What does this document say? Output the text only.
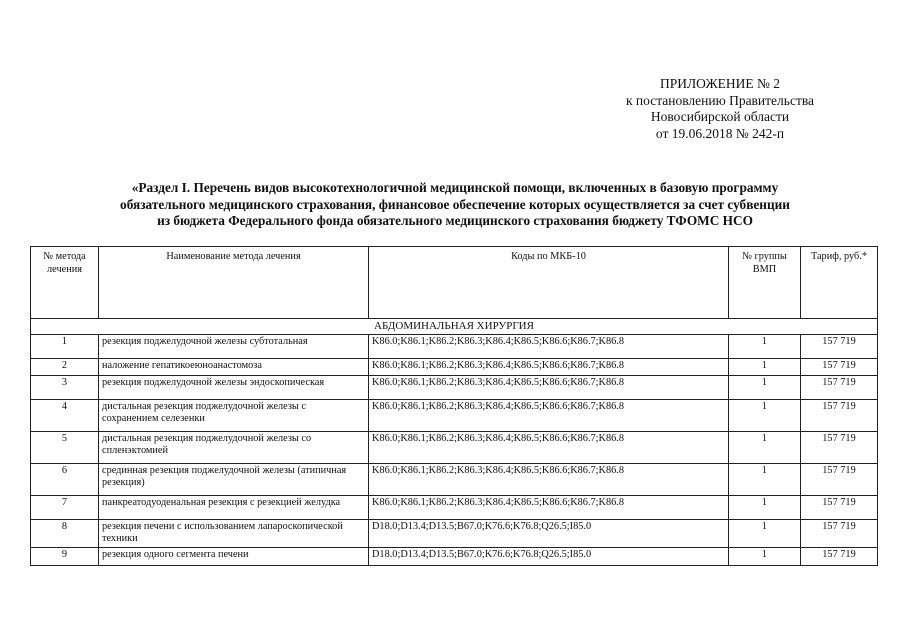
ПРИЛОЖЕНИЕ № 2
к постановлению Правительства
Новосибирской области
от 19.06.2018 № 242-п
«Раздел I. Перечень видов высокотехнологичной медицинской помощи, включенных в базовую программу
обязательного медицинского страхования, финансовое обеспечение которых осуществляется за счет субвенции
из бюджета Федерального фонда обязательного медицинского страхования бюджету ТФОМС НСО
№ метода лечения	Наименование метода лечения	Коды по МКБ-10	№ группы ВМП	Тариф, руб.*
АБДОМИНАЛЬНАЯ ХИРУРГИЯ				
1	резекция поджелудочной железы субтотальная	K86.0;K86.1;K86.2;K86.3;K86.4;K86.5;K86.6;K86.7;K86.8	1	157 719
2	наложение гепатикоеюноанастомоза	K86.0;K86.1;K86.2;K86.3;K86.4;K86.5;K86.6;K86.7;K86.8	1	157 719
3	резекция поджелудочной железы эндоскопическая	K86.0;K86.1;K86.2;K86.3;K86.4;K86.5;K86.6;K86.7;K86.8	1	157 719
4	дистальная резекция поджелудочной железы с сохранением селезенки	K86.0;K86.1;K86.2;K86.3;K86.4;K86.5;K86.6;K86.7;K86.8	1	157 719
5	дистальная резекция поджелудочной железы со спленэктомией	K86.0;K86.1;K86.2;K86.3;K86.4;K86.5;K86.6;K86.7;K86.8	1	157 719
6	срединная резекция поджелудочной железы (атипичная резекция)	K86.0;K86.1;K86.2;K86.3;K86.4;K86.5;K86.6;K86.7;K86.8	1	157 719
7	панкреатодуоденальная резекция с резекцией желудка	K86.0;K86.1;K86.2;K86.3;K86.4;K86.5;K86.6;K86.7;K86.8	1	157 719
8	резекция печени с использованием лапароскопической техники	D18.0;D13.4;D13.5;B67.0;K76.6;K76.8;Q26.5;I85.0	1	157 719
9	резекция одного сегмента печени	D18.0;D13.4;D13.5;B67.0;K76.6;K76.8;Q26.5;I85.0	1	157 719
